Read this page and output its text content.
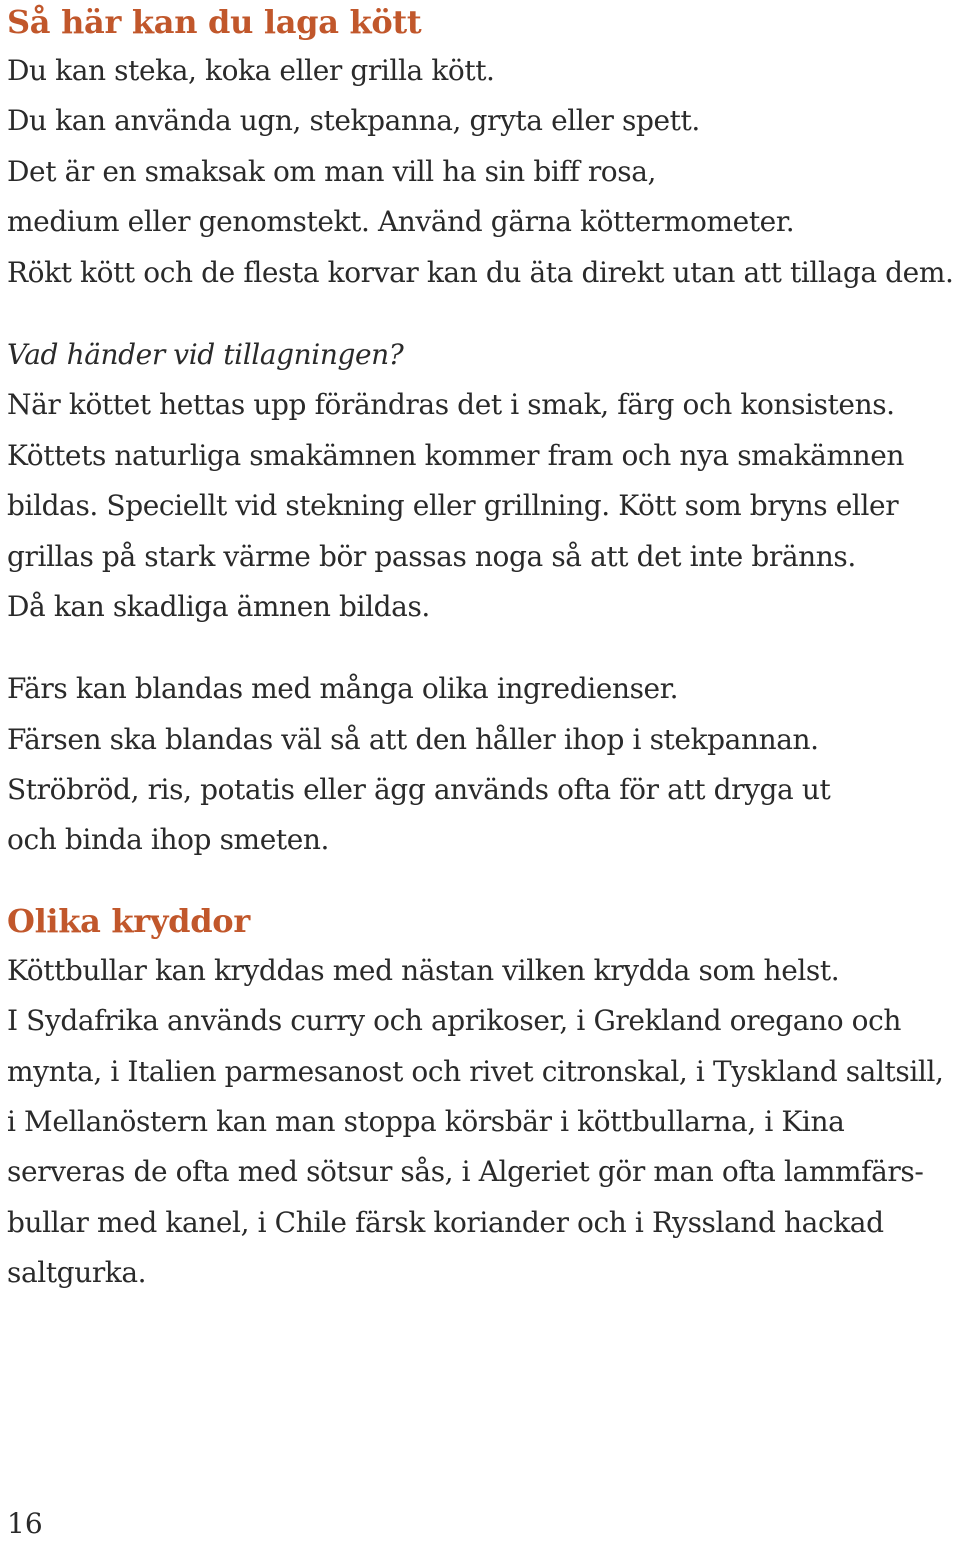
Så här kan du laga kött

Du kan steka, koka eller grilla kött.

Du kan använda ugn, stekpanna, gryta eller spett.

Det är en smaksak om man vill ha sin biff rosa,

medium eller genomstekt. Använd gärna köttermometer.

Rökt kött och de flesta korvar kan du äta direkt utan att tillaga dem.

Vad händer vid tillagningen?

När köttet hettas upp förändras det i smak, färg och konsistens.

Köttets naturliga smakämnen kommer fram och nya smakämnen

bildas. Speciellt vid stekning eller grillning. Kött som bryns eller

grillas på stark värme bör passas noga så att det inte bränns.

Då kan skadliga ämnen bildas.

Färs kan blandas med många olika ingredienser.

Färsen ska blandas väl så att den håller ihop i stekpannan.

Ströbröd, ris, potatis eller ägg används ofta för att dryga ut

och binda ihop smeten.

Olika kryddor

Köttbullar kan kryddas med nästan vilken krydda som helst.

I Sydafrika används curry och aprikoser, i Grekland oregano och

mynta, i Italien parmesanost och rivet citronskal, i Tyskland saltsill,

i Mellanöstern kan man stoppa körsbär i köttbullarna, i Kina

serveras de ofta med sötsur sås, i Algeriet gör man ofta lammfärs-

bullar med kanel, i Chile färsk koriander och i Ryssland hackad

saltgurka.

16
